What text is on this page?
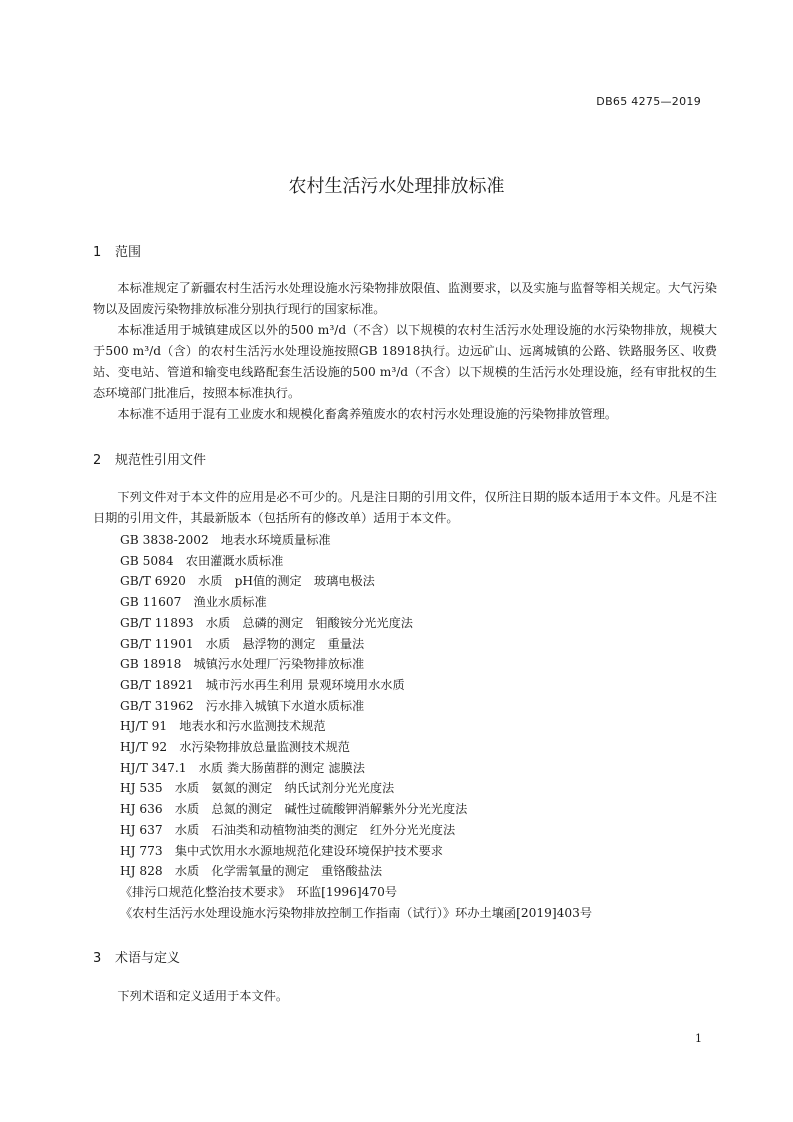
DB65 4275—2019
农村生活污水处理排放标准
1 范围

本标准规定了新疆农村生活污水处理设施水污染物排放限值、监测要求，以及实施与监督等相关规定。大气污染物以及固废污染物排放标准分别执行现行的国家标准。

本标准适用于城镇建成区以外的500 m³/d（不含）以下规模的农村生活污水处理设施的水污染物排放，规模大于500 m³/d（含）的农村生活污水处理设施按照GB 18918执行。边远矿山、远离城镇的公路、铁路服务区、收费站、变电站、管道和输变电线路配套生活设施的500 m³/d（不含）以下规模的生活污水处理设施，经有审批权的生态环境部门批准后，按照本标准执行。

本标准不适用于混有工业废水和规模化畜禽养殖废水的农村污水处理设施的污染物排放管理。

2 规范性引用文件

下列文件对于本文件的应用是必不可少的。凡是注日期的引用文件，仅所注日期的版本适用于本文件。凡是不注日期的引用文件，其最新版本（包括所有的修改单）适用于本文件。

GB 3838-2002　地表水环境质量标准
GB 5084　农田灌溉水质标准
GB/T 6920　水质　pH值的测定　玻璃电极法
GB 11607　渔业水质标准
GB/T 11893　水质　总磷的测定　钼酸铵分光光度法
GB/T 11901　水质　悬浮物的测定　重量法
GB 18918　城镇污水处理厂污染物排放标准
GB/T 18921　城市污水再生利用 景观环境用水水质
GB/T 31962　污水排入城镇下水道水质标准
HJ/T 91　地表水和污水监测技术规范
HJ/T 92　水污染物排放总量监测技术规范
HJ/T 347.1　水质 粪大肠菌群的测定 滤膜法
HJ 535　水质　氨氮的测定　纳氏试剂分光光度法
HJ 636　水质　总氮的测定　碱性过硫酸钾消解紫外分光光度法
HJ 637　水质　石油类和动植物油类的测定　红外分光光度法
HJ 773　集中式饮用水水源地规范化建设环境保护技术要求
HJ 828　水质　化学需氧量的测定　重铬酸盐法
《排污口规范化整治技术要求》　环监[1996]470号
《农村生活污水处理设施水污染物排放控制工作指南（试行）》环办土壤函[2019]403号
3 术语与定义

下列术语和定义适用于本文件。

1
